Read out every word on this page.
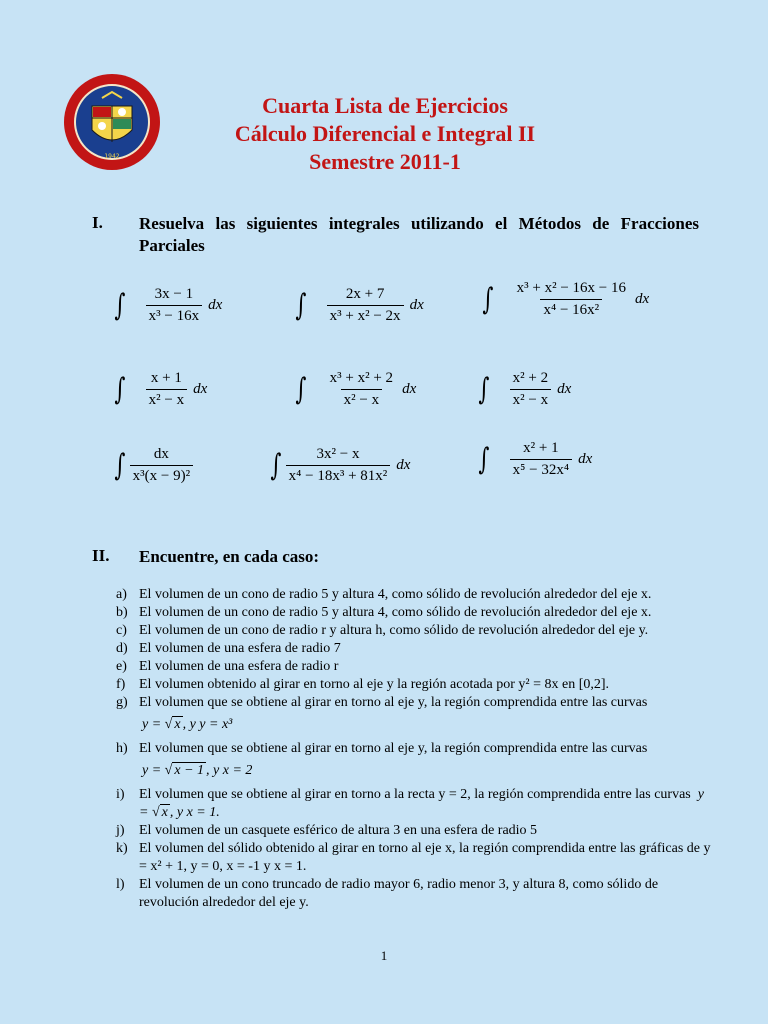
1942
Cuarta Lista de Ejercicios
Cálculo Diferencial e Integral II
Semestre 2011-1
I. Resuelva las siguientes integrales utilizando el Métodos de Fracciones Parciales
∫ $\frac{3x - 1}{\text{x³ − 16x}}$ dx ∫ $\frac{2x + 7}{\text{x³ + x² − 2x}}$ dx ∫ $\frac{\text{x³ + x² − 16x − 16}}{\text{x⁴ − 16x²}}$ dx
∫ $\frac{x + 1}{\text{x² − x}}$ dx	∫ $\frac{\text{x³ + x² + 2}}{\text{x² − x}}$ dx ∫ $\frac{\text{x² + 2}}{\text{x² − x}}$ dx
∫ $\frac{dx}{\text{x³(x − 9)²}}$	∫ $\frac{\text{3x² − x}}{\text{x⁴ − 18x³ + 81x²}}$ dx ∫ $\frac{\text{x² + 1}}{\text{x⁵ − 32x⁴}}$ dx
II. Encuentre, en cada caso:
a) El volumen de un cono de radio 5 y altura 4, como sólido de revolución alrededor del eje x.
b) El volumen de un cono de radio 5 y altura 4, como sólido de revolución alrededor del eje x.
c) El volumen de un cono de radio r y altura h, como sólido de revolución alrededor del eje y.
d) El volumen de una esfera de radio 7
e) El volumen de una esfera de radio r
f) El volumen obtenido al girar en torno al eje y la región acotada por y² = 8x en [0,2].
g) El volumen que se obtiene al girar en torno al eje y, la región comprendida entre las curvas
y = √ x , y y = x³
h) El volumen que se obtiene al girar en torno al eje y, la región comprendida entre las curvas
y = √ x − 1 , y x = 2
i)	El volumen que se obtiene al girar en torno a la recta y = 2, la región comprendida entre las curvas y = √ x , y x = 1.
j)	El volumen de un casquete esférico de altura 3 en una esfera de radio 5
k) El volumen del sólido obtenido al girar en torno al eje x, la región comprendida entre las gráficas de y = x² + 1, y = 0, x = -1 y x = 1.
l)	El volumen de un cono truncado de radio mayor 6, radio menor 3, y altura 8, como sólido de revolución alrededor del eje y.
1
